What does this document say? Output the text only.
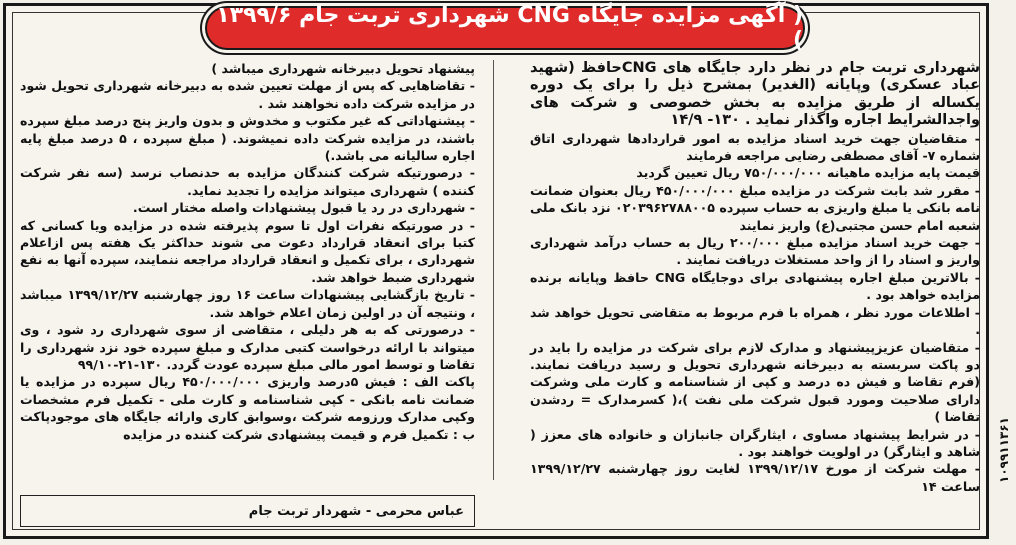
( آگهی مزایده جایگاه CNG شهرداری تربت جام ۱۳۹۹/۶ )

شهرداری تربت جام در نظر دارد جایگاه های CNGحافظ (شهید عباد عسکری) وپایانه (الغدیر) بمشرح ذیل را برای یک دوره یکساله از طریق مزایده به بخش خصوصی و شرکت های واجدالشرایط اجاره واگذار نماید . ۱۳۰- ۱۴/۹

- متقاضیان جهت خرید اسناد مزایده به امور قراردادها شهرداری اتاق شماره ۷- آقای مصطفی رضایی مراجعه فرمایند

قیمت پایه مزایده ماهیانه ۷۵۰/۰۰۰/۰۰۰ ریال تعیین گردید

- مقرر شد بابت شرکت در مزایده مبلغ ۴۵۰/۰۰۰/۰۰۰ ریال بعنوان ضمانت نامه بانکی یا مبلغ واریزی به حساب سپرده ۰۲۰۳۹۶۲۷۸۸۰۰۵ نزد بانک ملی شعبه امام حسن مجتبی(ع) واریز نمایند

- جهت خرید اسناد مزایده مبلغ ۲۰۰/۰۰۰ ریال به حساب درآمد شهرداری واریز و اسناد را از واحد مستغلات دریافت نمایند .

- بالاترین مبلغ اجاره پیشنهادی برای دوجایگاه CNG حافظ وپایانه برنده مزایده خواهد بود .

- اطلاعات مورد نظر ، همراه با فرم مربوط به متقاضی تحویل خواهد شد .

- متقاضیان عزیزپیشنهاد و مدارک لازم برای شرکت در مزایده را باید در دو پاکت سربسته به دبیرخانه شهرداری تحویل و رسید دریافت نمایند. (فرم تقاضا و فیش ده درصد و کپی از شناسنامه و کارت ملی وشرکت دارای صلاحیت ومورد قبول شرکت ملی نفت )،( کسرمدارک = ردشدن تقاضا )

- در شرایط پیشنهاد مساوی ، ایثارگران جانبازان و خانواده های معزز ( شاهد و ایثارگر) در اولویت خواهند بود .

- مهلت شرکت از مورخ ۱۳۹۹/۱۲/۱۷ لغایت روز چهارشنبه ۱۳۹۹/۱۲/۲۷ ساعت ۱۴

پیشنهاد تحویل دبیرخانه شهرداری میباشد )

- تقاضاهایی که پس از مهلت تعیین شده به دبیرخانه شهرداری تحویل شود در مزایده شرکت داده نخواهند شد .

- پیشنهاداتی که غیر مکتوب و مخدوش و بدون واریز پنج درصد مبلغ سپرده باشند، در مزایده شرکت داده نمیشوند. ( مبلغ سپرده ، ۵ درصد مبلغ پایه اجاره سالیانه می باشد.)

- درصورتیکه شرکت کنندگان مزایده به حدنصاب نرسد (سه نفر شرکت کننده ) شهرداری میتواند مزایده را تجدید نماید.

- شهرداری در رد یا قبول پیشنهادات واصله مختار است.

- در صورتیکه نفرات اول تا سوم پذیرفته شده در مزایده ویا کسانی که کتبا برای انعقاد قرارداد دعوت می شوند حداکثر یک هفته پس ازاعلام شهرداری ، برای تکمیل و انعقاد قرارداد مراجعه ننمایند، سپرده آنها به نفع شهرداری ضبط خواهد شد.

- تاریخ بازگشایی پیشنهادات ساعت ۱۶ روز چهارشنبه ۱۳۹۹/۱۲/۲۷ میباشد ، ونتیجه آن در اولین زمان اعلام خواهد شد.

- درصورتی که به هر دلیلی ، متقاضی از سوی شهرداری رد شود ، وی میتواند با ارائه درخواست کتبی مدارک و مبلغ سپرده خود نزد شهرداری را تقاضا و توسط امور مالی مبلغ سپرده عودت گردد. ۱۳۰-۲۱-۹۹/۱۰

پاکت الف : فیش ۵درصد واریزی ۴۵۰/۰۰۰/۰۰۰ ریال سپرده در مزایده یا ضمانت نامه بانکی - کپی شناسنامه و کارت ملی - تکمیل فرم مشخصات وکپی مدارک ورزومه شرکت ،وسوابق کاری وارائه جایگاه های موجودپاکت ب : تکمیل فرم و قیمت پیشنهادی شرکت کننده در مزایده

عباس محرمی - شهردار تربت جام
۱۰۹۹۱۱۳۶۱
